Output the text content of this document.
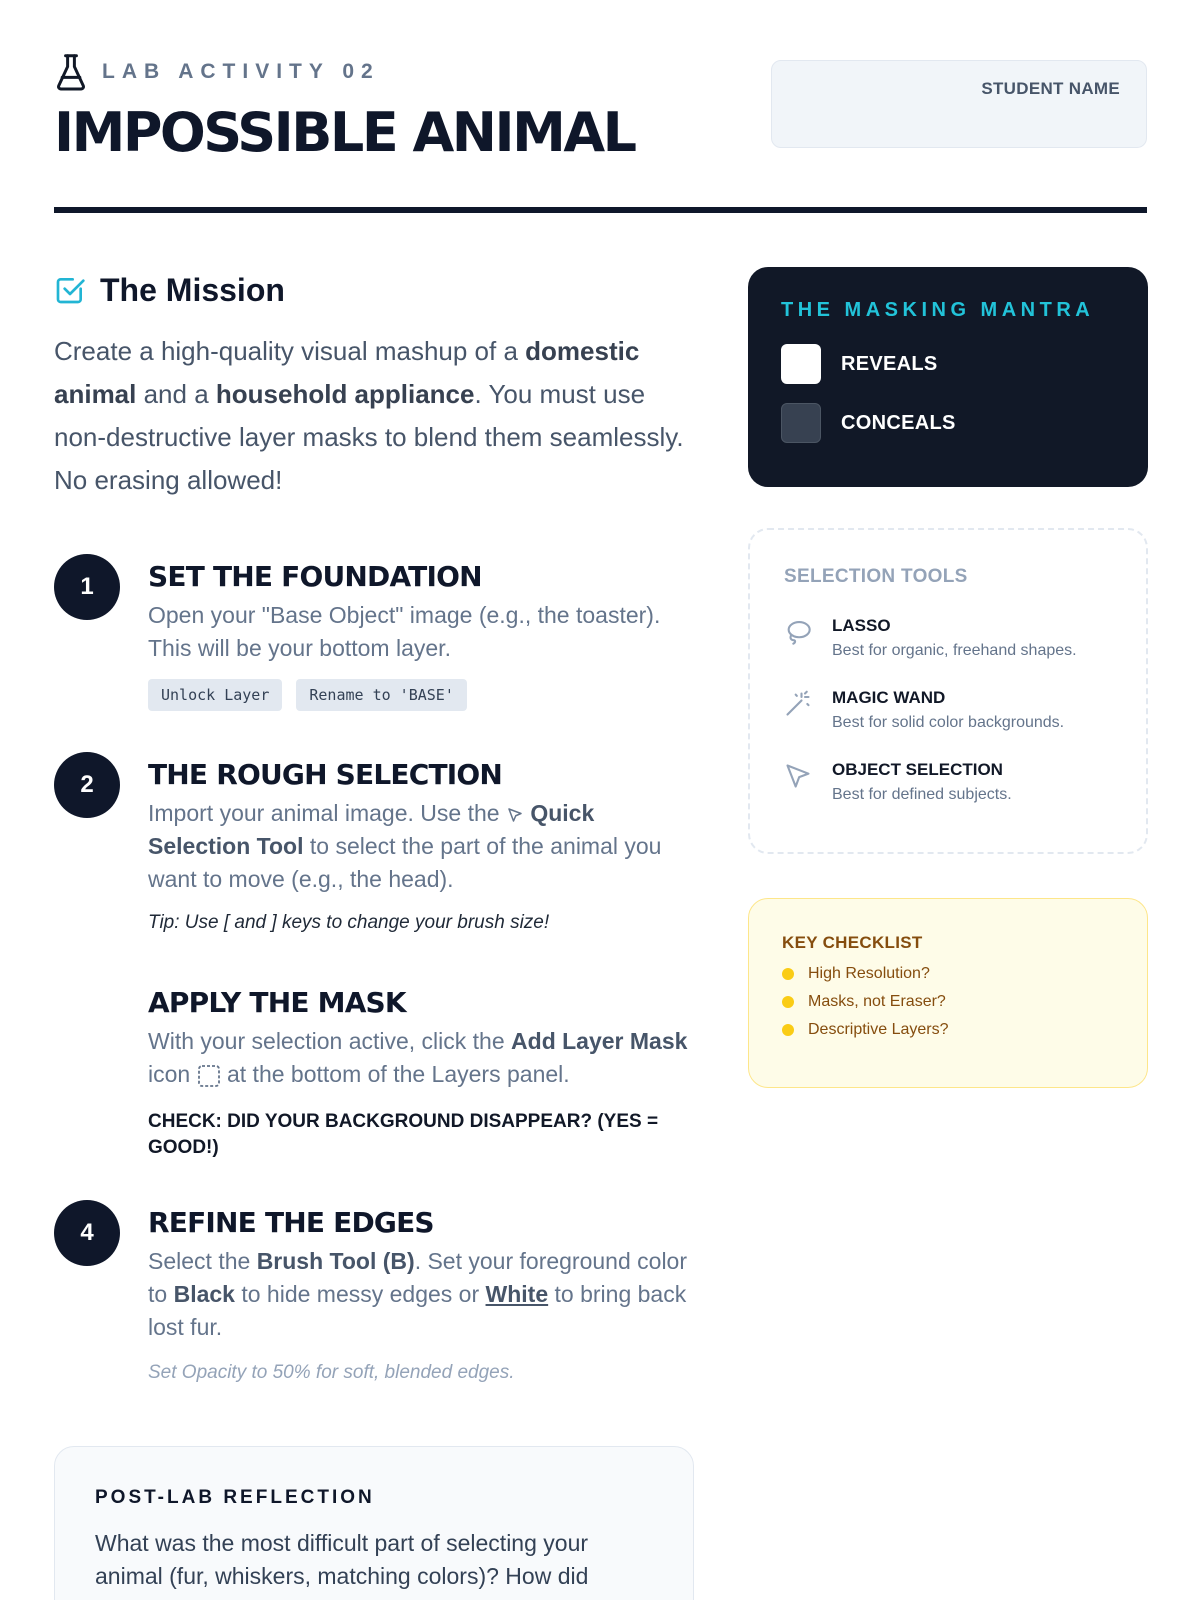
LAB ACTIVITY 02
IMPOSSIBLE ANIMAL
STUDENT NAME
The Mission

Create a high-quality visual mashup of a domestic animal and a household appliance. You must use non-destructive layer masks to blend them seamlessly. No erasing allowed!

1	SET THE FOUNDATION
Open your "Base Object" image (e.g., the toaster). This will be your bottom layer.
Unlock Layer	Rename to 'BASE'
2	THE ROUGH SELECTION
Import your animal image. Use the  Quick Selection Tool to select the part of the animal you want to move (e.g., the head).
Tip: Use [ and ] keys to change your brush size!
APPLY THE MASK
With your selection active, click the Add Layer Mask icon  at the bottom of the Layers panel.
CHECK: DID YOUR BACKGROUND DISAPPEAR? (YES = GOOD!)
4	REFINE THE EDGES
Select the Brush Tool (B). Set your foreground color to Black to hide messy edges or White to bring back lost fur.
Set Opacity to 50% for soft, blended edges.
POST-LAB REFLECTION
What was the most difficult part of selecting your animal (fur, whiskers, matching colors)? How did
THE MASKING MANTRA
REVEALS
CONCEALS
SELECTION TOOLS
LASSO
Best for organic, freehand shapes.
MAGIC WAND
Best for solid color backgrounds.
OBJECT SELECTION
Best for defined subjects.
KEY CHECKLIST
High Resolution?
Masks, not Eraser?
Descriptive Layers?
